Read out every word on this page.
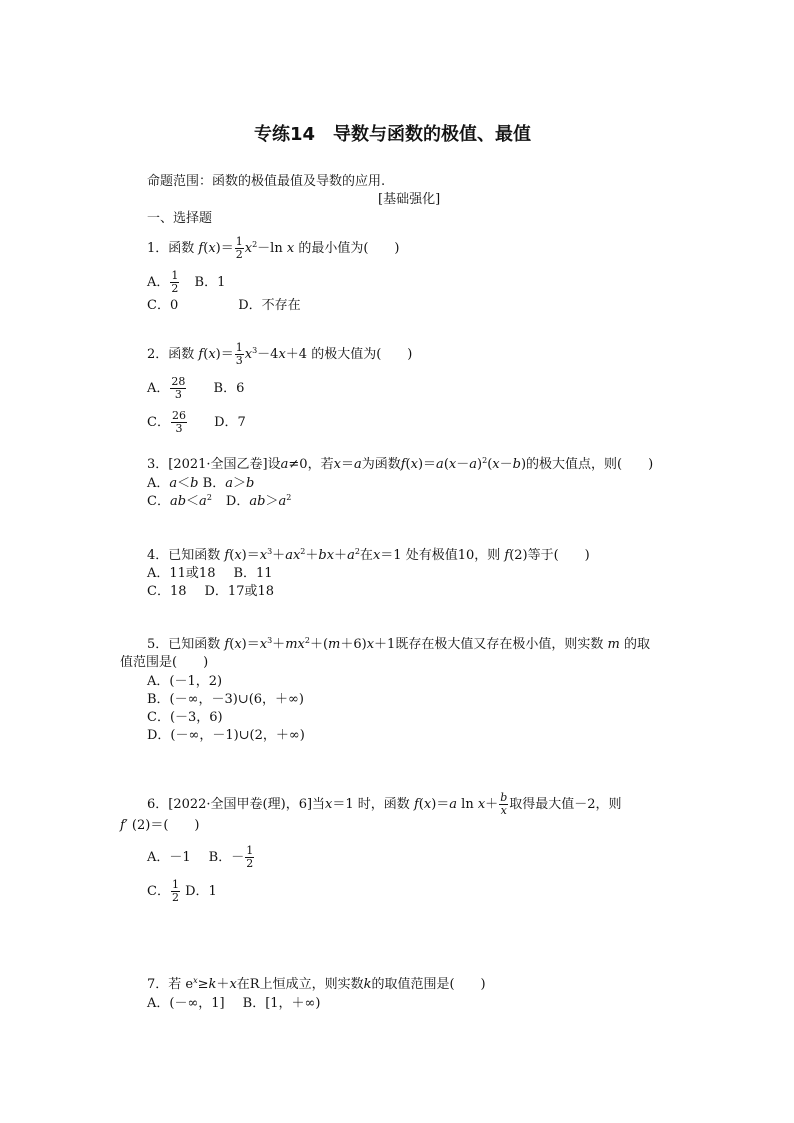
专练14　导数与函数的极值、最值
命题范围：函数的极值最值及导数的应用.
[基础强化]
一、选择题
1．函数 $f(x)= \frac{1}{2} x^2-\ln$ x 的最小值为(　　)
A． $\frac{1}{2}$ B．1
C．0	D．不存在
2．函数 $f(x)= \frac{1}{3} x^3-4x+4$ 的极大值为(　　)
A． $\frac{28}{3}$ B．6
C． $\frac{26}{3}$ D．7
3．[2021·全国乙卷]设a≠0，若x＝a为函数$f(x)=a(x-a)^2(x-b)$的极大值点，则(　　)
A．a＜b B．a＞b
C．$ab<a^2$ D．$ab>a^2$
4．已知函数 $f(x)=x^3+ax^2+bx+a^2$在x＝1 处有极值10，则 f(2)等于(　　)
A．11或18 B．11
C．18 D．17或18
5．已知函数 $f(x)=x^3+mx^2+(m+6)x+1$既存在极大值又存在极小值，则实数 m 的取
值范围是(　　)
A．(－1，2)
B．(－∞，－3)∪(6，＋∞)
C．(－3，6)
D．(－∞，－1)∪(2，＋∞)
6．[2022·全国甲卷(理)，6]当x＝1 时，函数 f(x)＝a $\ln x+ \frac{b}{x}$ 取得最大值－2，则
f′ (2)＝(　　)
A．－1 B．－ $\frac{1}{2}$
C． $\frac{1}{2}$ D．1
7．若 $e^x\ge k+x$在R上恒成立，则实数k的取值范围是(　　)
A．(－∞，1] B．[1，＋∞)
